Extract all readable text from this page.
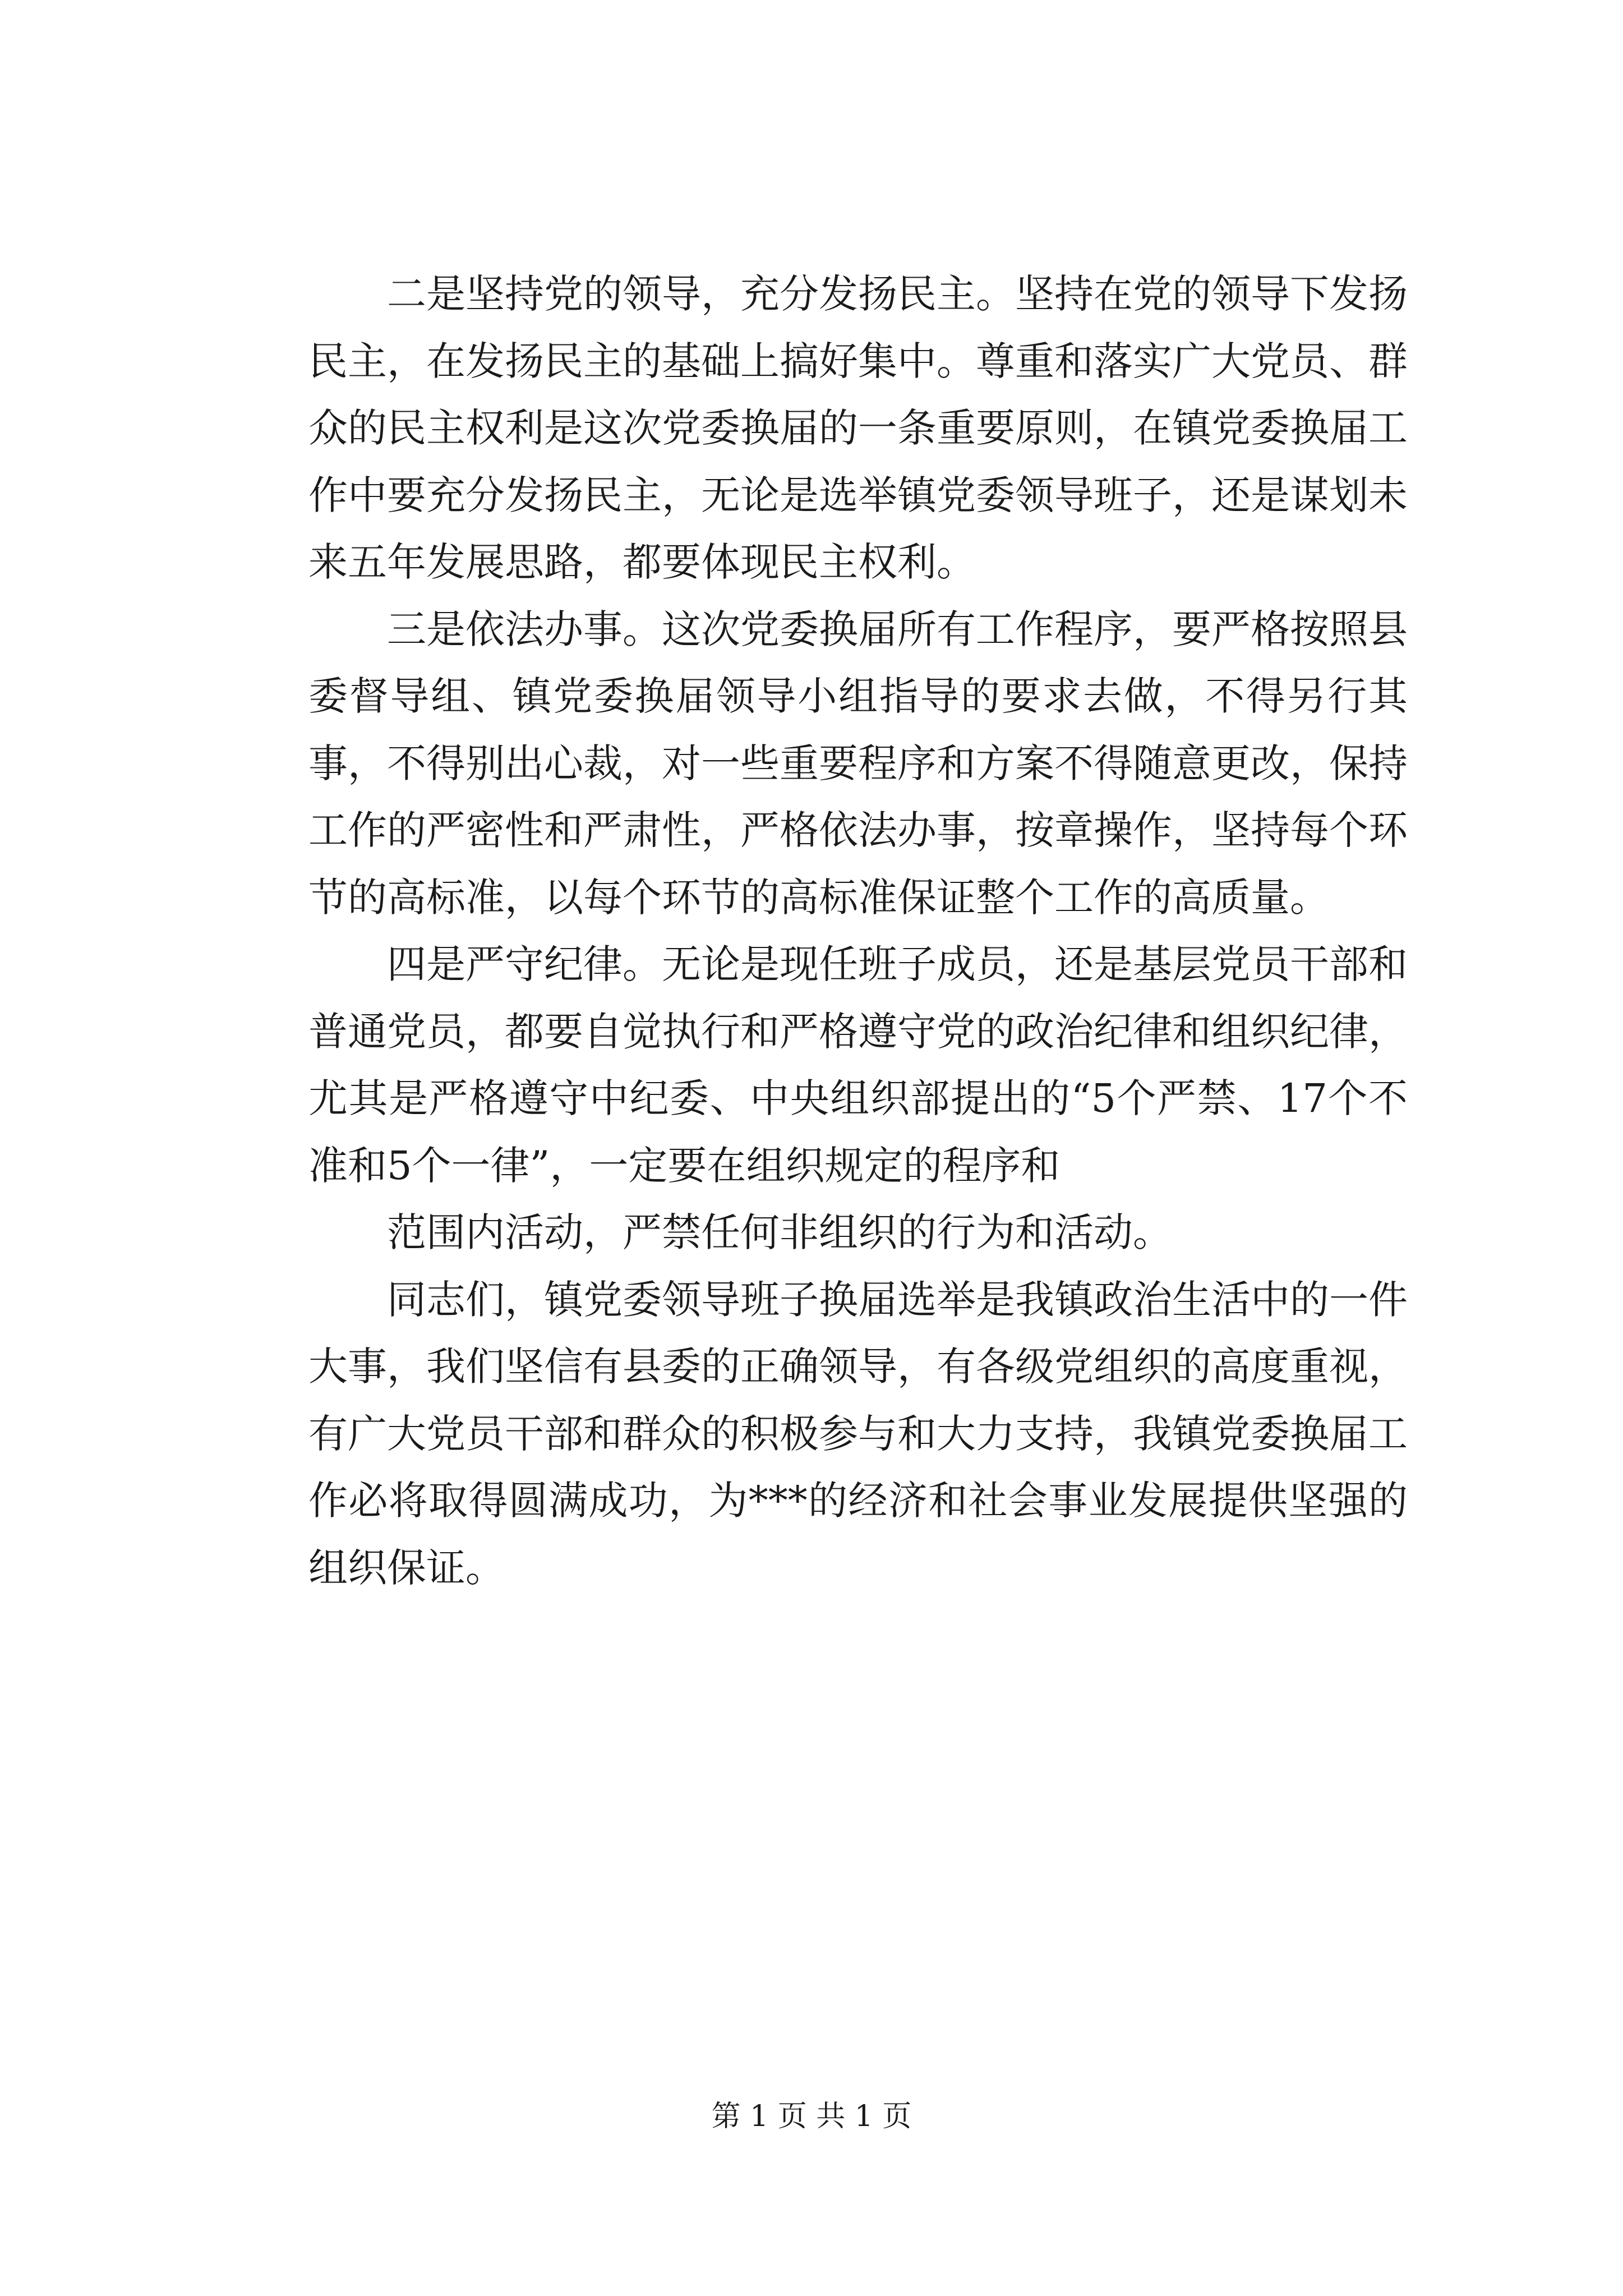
二是坚持党的领导，充分发扬民主。坚持在党的领导下发扬民主，在发扬民主的基础上搞好集中。尊重和落实广大党员、群众的民主权利是这次党委换届的一条重要原则，在镇党委换届工作中要充分发扬民主，无论是选举镇党委领导班子，还是谋划未来五年发展思路，都要体现民主权利。

三是依法办事。这次党委换届所有工作程序，要严格按照县委督导组、镇党委换届领导小组指导的要求去做，不得另行其事，不得别出心裁，对一些重要程序和方案不得随意更改，保持工作的严密性和严肃性，严格依法办事，按章操作，坚持每个环节的高标准，以每个环节的高标准保证整个工作的高质量。

四是严守纪律。无论是现任班子成员，还是基层党员干部和普通党员，都要自觉执行和严格遵守党的政治纪律和组织纪律，尤其是严格遵守中纪委、中央组织部提出的“5个严禁、17个不准和5个一律”，一定要在组织规定的程序和

范围内活动，严禁任何非组织的行为和活动。

同志们，镇党委领导班子换届选举是我镇政治生活中的一件大事，我们坚信有县委的正确领导，有各级党组织的高度重视，有广大党员干部和群众的积极参与和大力支持，我镇党委换届工作必将取得圆满成功，为***的经济和社会事业发展提供坚强的组织保证。

第 1 页 共 1 页
